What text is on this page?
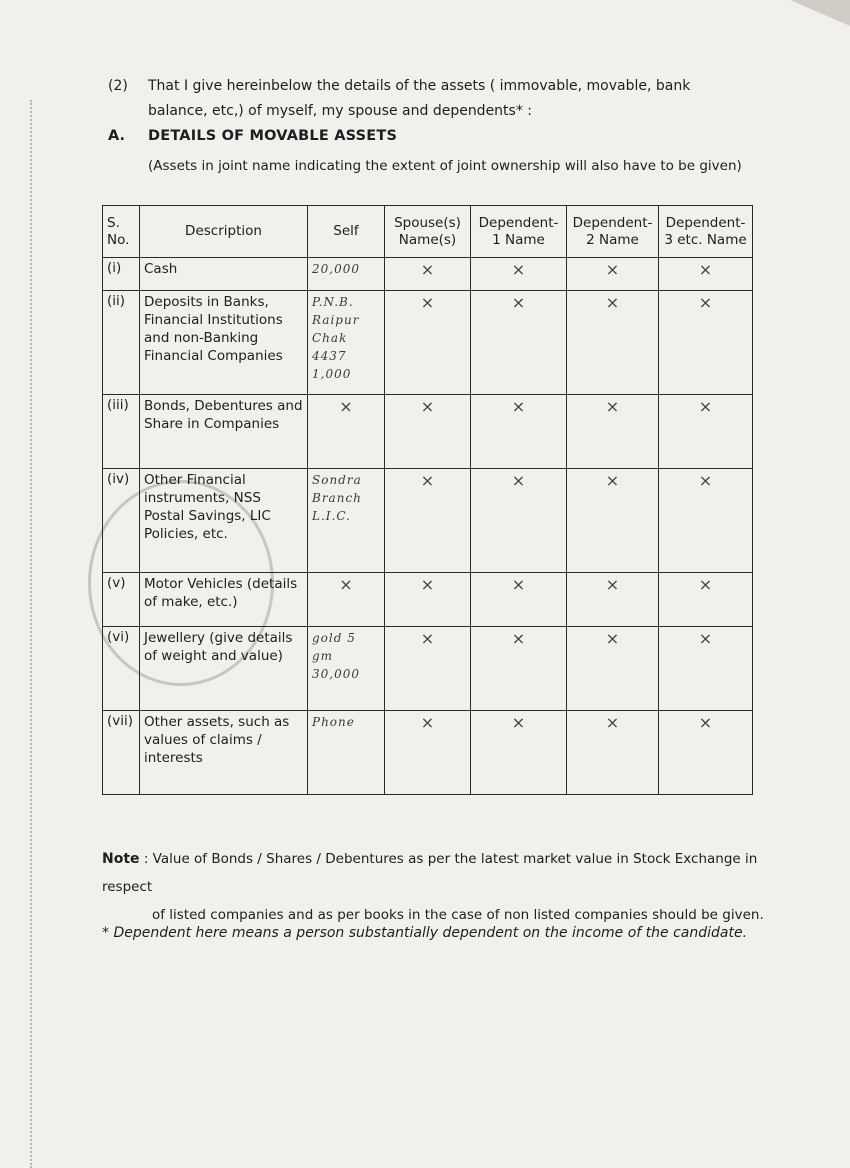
(2) That I give hereinbelow the details of the assets ( immovable, movable, bank balance, etc,) of myself, my spouse and dependents* :
A. DETAILS OF MOVABLE ASSETS
(Assets in joint name indicating the extent of joint ownership will also have to be given)
S. No.	Description	Self	Spouse(s) Name(s)	Dependent-1 Name	Dependent-2 Name	Dependent-3 etc. Name
(i)	Cash	20,000	×	×	×	×
(ii)	Deposits in Banks, Financial Institutions and non-Banking Financial Companies	P.N.B. Raipur Chak 4437 1,000	×	×	×	×
(iii)	Bonds, Debentures and Share in Companies	×	×	×	×	×
(iv)	Other Financial instruments, NSS Postal Savings, LIC Policies, etc.	Sondra Branch L.I.C.	×	×	×	×
(v)	Motor Vehicles (details of make, etc.)	×	×	×	×	×
(vi)	Jewellery (give details of weight and value)	gold 5 gm 30,000	×	×	×	×
(vii)	Other assets, such as values of claims / interests	Phone	×	×	×	×
Note : Value of Bonds / Shares / Debentures as per the latest market value in Stock Exchange in respect
of listed companies and as per books in the case of non listed companies should be given.
* Dependent here means a person substantially dependent on the income of the candidate.
